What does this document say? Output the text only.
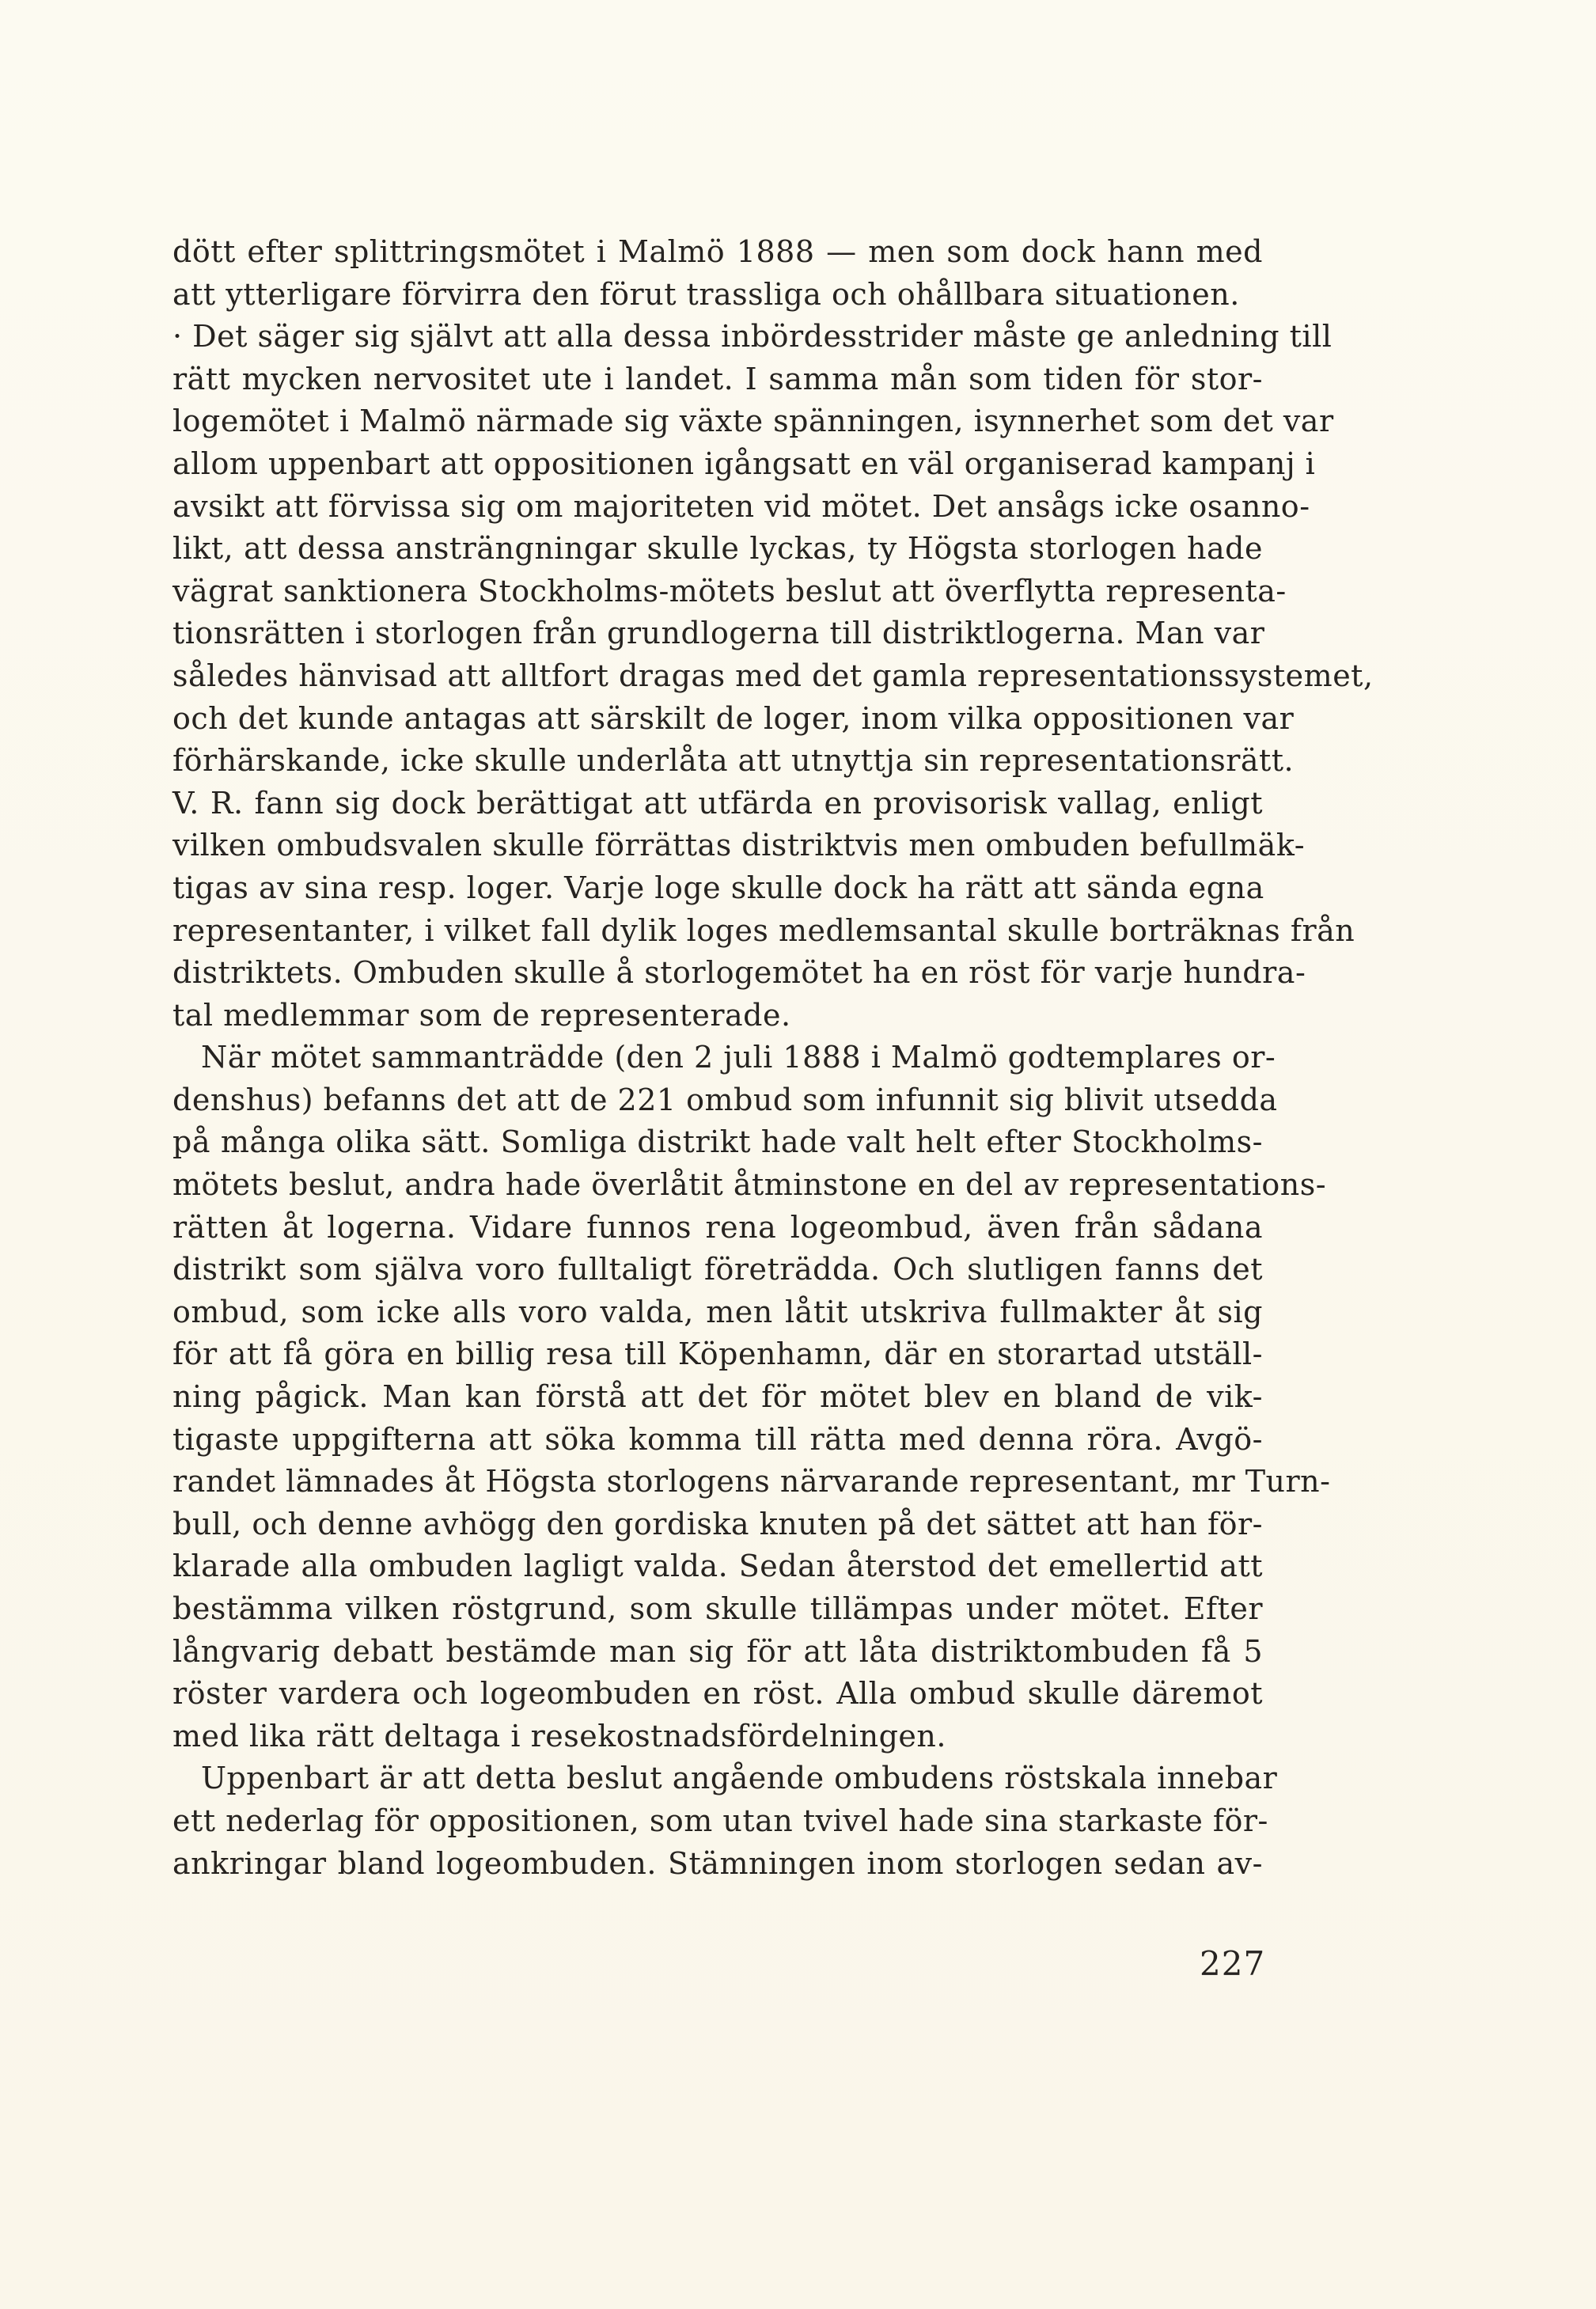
dött efter splittringsmötet i Malmö 1888 — men som dock hann med
att ytterligare förvirra den förut trassliga och ohållbara situationen.
· Det säger sig självt att alla dessa inbördesstrider måste ge anledning till
rätt mycken nervositet ute i landet. I samma mån som tiden för stor-
logemötet i Malmö närmade sig växte spänningen, isynnerhet som det var
allom uppenbart att oppositionen igångsatt en väl organiserad kampanj i
avsikt att förvissa sig om majoriteten vid mötet. Det ansågs icke osanno-
likt, att dessa ansträngningar skulle lyckas, ty Högsta storlogen hade
vägrat sanktionera Stockholms-mötets beslut att överflytta representa-
tionsrätten i storlogen från grundlogerna till distriktlogerna. Man var
således hänvisad att alltfort dragas med det gamla representationssystemet,
och det kunde antagas att särskilt de loger, inom vilka oppositionen var
förhärskande, icke skulle underlåta att utnyttja sin representationsrätt.
V. R. fann sig dock berättigat att utfärda en provisorisk vallag, enligt
vilken ombudsvalen skulle förrättas distriktvis men ombuden befullmäk-
tigas av sina resp. loger. Varje loge skulle dock ha rätt att sända egna
representanter, i vilket fall dylik loges medlemsantal skulle borträknas från
distriktets. Ombuden skulle å storlogemötet ha en röst för varje hundra-
tal medlemmar som de representerade.
När mötet sammanträdde (den 2 juli 1888 i Malmö godtemplares or-
denshus) befanns det att de 221 ombud som infunnit sig blivit utsedda
på många olika sätt. Somliga distrikt hade valt helt efter Stockholms-
mötets beslut, andra hade överlåtit åtminstone en del av representations-
rätten åt logerna. Vidare funnos rena logeombud, även från sådana
distrikt som själva voro fulltaligt företrädda. Och slutligen fanns det
ombud, som icke alls voro valda, men låtit utskriva fullmakter åt sig
för att få göra en billig resa till Köpenhamn, där en storartad utställ-
ning pågick. Man kan förstå att det för mötet blev en bland de vik-
tigaste uppgifterna att söka komma till rätta med denna röra. Avgö-
randet lämnades åt Högsta storlogens närvarande representant, mr Turn-
bull, och denne avhögg den gordiska knuten på det sättet att han för-
klarade alla ombuden lagligt valda. Sedan återstod det emellertid att
bestämma vilken röstgrund, som skulle tillämpas under mötet. Efter
långvarig debatt bestämde man sig för att låta distriktombuden få 5
röster vardera och logeombuden en röst. Alla ombud skulle däremot
med lika rätt deltaga i resekostnadsfördelningen.
Uppenbart är att detta beslut angående ombudens röstskala innebar
ett nederlag för oppositionen, som utan tvivel hade sina starkaste för-
ankringar bland logeombuden. Stämningen inom storlogen sedan av-
227
